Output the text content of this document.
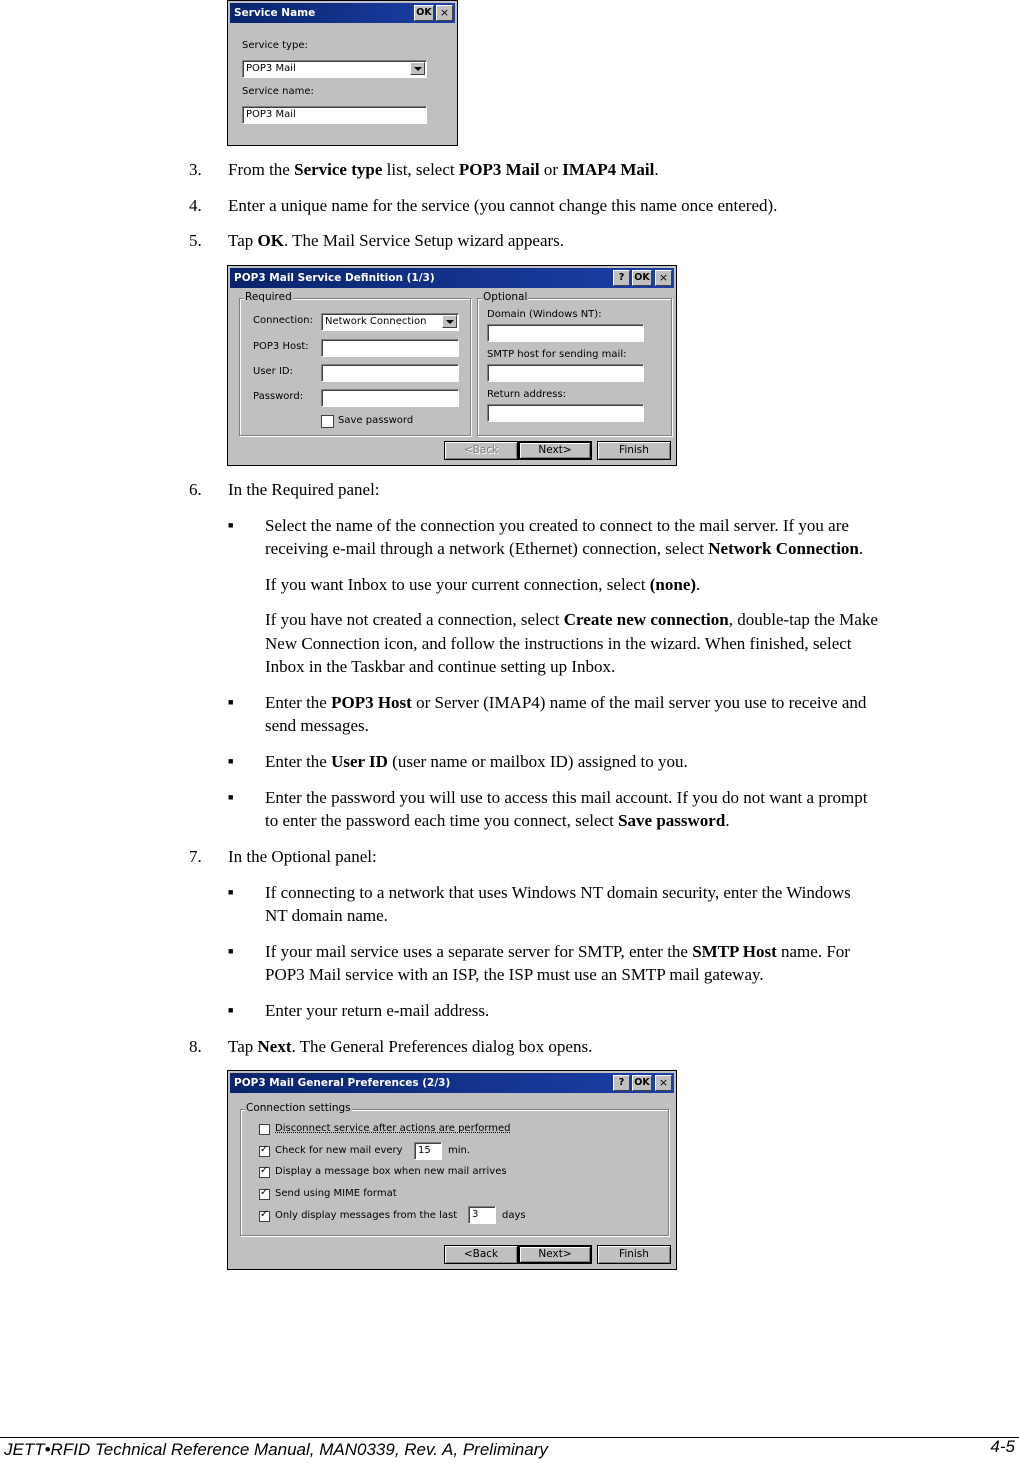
Service Name	OK ×
Service type:
POP3 Mail
Service name:
POP3 Mail
3. From the Service type list, select POP3 Mail or IMAP4 Mail.
4. Enter a unique name for the service (you cannot change this name once entered).
5. Tap OK. The Mail Service Setup wizard appears.
POP3 Mail Service Definition (1/3)	?	OK ×
Required
Connection:	Network Connection
POP3 Host:
User ID:
Password:
Save password
Optional
Domain (Windows NT):
SMTP host for sending mail:
Return address:
<Back	Next>	Finish
6. In the Required panel:
■ Select the name of the connection you created to connect to the mail server. If you are
receiving e-mail through a network (Ethernet) connection, select Network Connection.
If you want Inbox to use your current connection, select (none).
If you have not created a connection, select Create new connection, double-tap the Make
New Connection icon, and follow the instructions in the wizard. When finished, select
Inbox in the Taskbar and continue setting up Inbox.
■ Enter the POP3 Host or Server (IMAP4) name of the mail server you use to receive and
send messages.
■ Enter the User ID (user name or mailbox ID) assigned to you.
■ Enter the password you will use to access this mail account. If you do not want a prompt
to enter the password each time you connect, select Save password.
7. In the Optional panel:
■ If connecting to a network that uses Windows NT domain security, enter the Windows
NT domain name.
■ If your mail service uses a separate server for SMTP, enter the SMTP Host name. For
POP3 Mail service with an ISP, the ISP must use an SMTP mail gateway.
■ Enter your return e-mail address.
8. Tap Next. The General Preferences dialog box opens.
POP3 Mail General Preferences (2/3)	?	OK ×
Connection settings
Disconnect service after actions are performed
✓
Check for new mail every	15	min.
✓
Display a message box when new mail arrives
✓
Send using MIME format
✓
Only display messages from the last	3	days
<Back	Next>	Finish
JETT•RFID Technical Reference Manual, MAN0339, Rev. A, Preliminary	4-5
